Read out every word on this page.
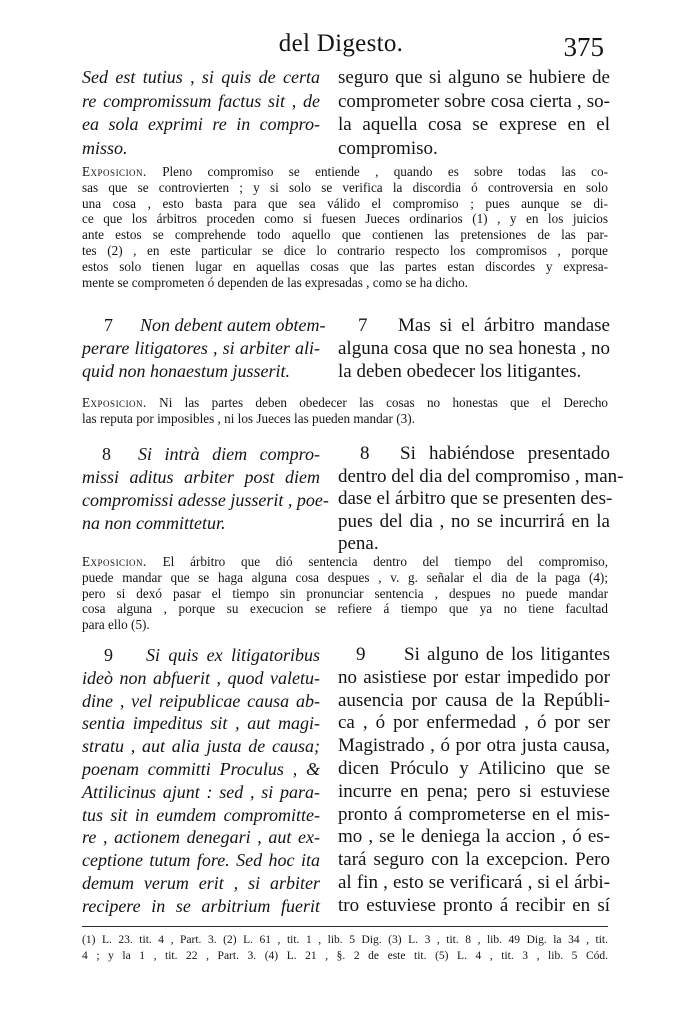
del Digesto.	375
Sed est tutius , si quis de certa
re compromissum factus sit , de
ea sola exprimi re in compro-
misso.
seguro que si alguno se hubiere de
comprometer sobre cosa cierta , so-
la aquella cosa se exprese en el
compromiso.
Exposicion. Pleno compromiso se entiende , quando es sobre todas las co-
sas que se controvierten ; y si solo se verifica la discordia ó controversia en solo
una cosa , esto basta para que sea válido el compromiso ; pues aunque se di-
ce que los árbitros proceden como si fuesen Jueces ordinarios (1) , y en los juicios
ante estos se comprehende todo aquello que contienen las pretensiones de las par-
tes (2) , en este particular se dice lo contrario respecto los compromisos , porque
estos solo tienen lugar en aquellas cosas que las partes estan discordes y expresa-
mente se comprometen ó dependen de las expresadas , como se ha dicho.
7 Non debent autem obtem-
perare litigatores , si arbiter ali-
quid non honaestum jusserit.
7 Mas si el árbitro mandase
alguna cosa que no sea honesta , no
la deben obedecer los litigantes.
Exposicion. Ni las partes deben obedecer las cosas no honestas que el Derecho
las reputa por imposibles , ni los Jueces las pueden mandar (3).
8 Si intrà diem compro-
missi aditus arbiter post diem
compromissi adesse jusserit , poe-
na non committetur.
8 Si habiéndose presentado
dentro del dia del compromiso , man-
dase el árbitro que se presenten des-
pues del dia , no se incurrirá en la
pena.
Exposicion. El árbitro que dió sentencia dentro del tiempo del compromiso,
puede mandar que se haga alguna cosa despues , v. g. señalar el dia de la paga (4);
pero si dexó pasar el tiempo sin pronunciar sentencia , despues no puede mandar
cosa alguna , porque su execucion se refiere á tiempo que ya no tiene facultad
para ello (5).
9 Si quis ex litigatoribus
ideò non abfuerit , quod valetu-
dine , vel reipublicae causa ab-
sentia impeditus sit , aut magi-
stratu , aut alia justa de causa;
poenam committi Proculus , &
Attilicinus ajunt : sed , si para-
tus sit in eumdem compromitte-
re , actionem denegari , aut ex-
ceptione tutum fore. Sed hoc ita
demum verum erit , si arbiter
recipere in se arbitrium fuerit
9 Si alguno de los litigantes
no asistiese por estar impedido por
ausencia por causa de la Repúbli-
ca , ó por enfermedad , ó por ser
Magistrado , ó por otra justa causa,
dicen Próculo y Atilicino que se
incurre en pena; pero si estuviese
pronto á comprometerse en el mis-
mo , se le deniega la accion , ó es-
tará seguro con la excepcion. Pero
al fin , esto se verificará , si el árbi-
tro estuviese pronto á recibir en sí
(1) L. 23. tit. 4 , Part. 3. (2) L. 61 , tit. 1 , lib. 5 Dig. (3) L. 3 , tit. 8 , lib. 49 Dig. la 34 , tit.
4 ; y la 1 , tit. 22 , Part. 3. (4) L. 21 , §. 2 de este tit. (5) L. 4 , tit. 3 , lib. 5 Cód.
